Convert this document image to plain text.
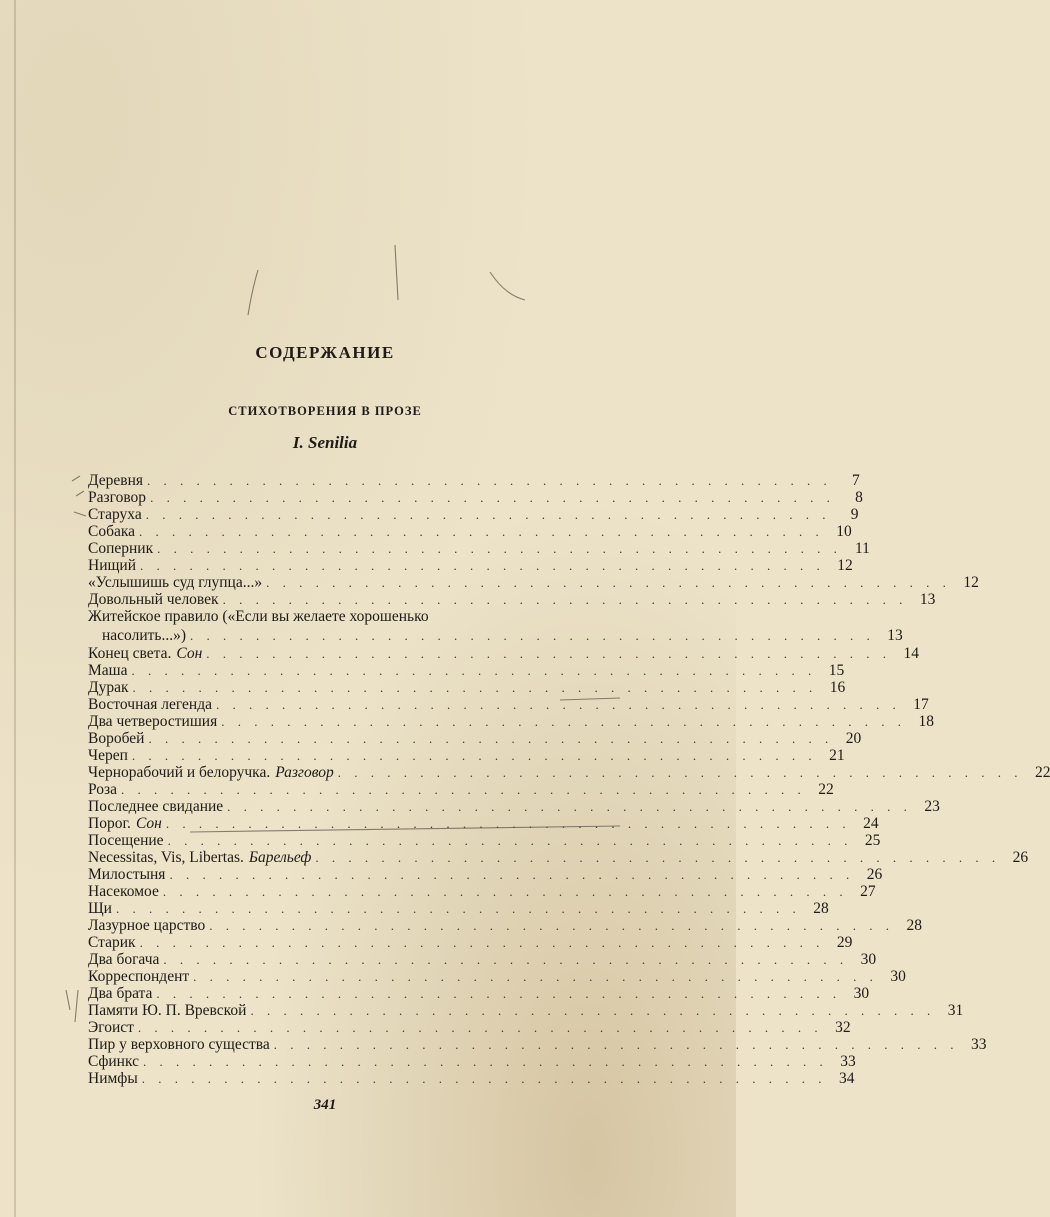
СОДЕРЖАНИЕ
СТИХОТВОРЕНИЯ В ПРОЗЕ
I. Senilia
Деревня . . . . . . . . . . . . . . . . . . . . . . . . . . . . . . . . . . . . . . . . . .	7
Разговор . . . . . . . . . . . . . . . . . . . . . . . . . . . . . . . . . . . . . . . . . .	8
Старуха . . . . . . . . . . . . . . . . . . . . . . . . . . . . . . . . . . . . . . . . . .	9
Собака . . . . . . . . . . . . . . . . . . . . . . . . . . . . . . . . . . . . . . . . . . 10
Соперник . . . . . . . . . . . . . . . . . . . . . . . . . . . . . . . . . . . . . . . . . . 11
Нищий . . . . . . . . . . . . . . . . . . . . . . . . . . . . . . . . . . . . . . . . . . 12
«Услышишь суд глупца...» . . . . . . . . . . . . . . . . . . . . . . . . . . . . . . . . . . . . . . . . . . 12
Довольный человек . . . . . . . . . . . . . . . . . . . . . . . . . . . . . . . . . . . . . . . . . . 13
Житейское правило («Если вы желаете хорошенько
насолить...») . . . . . . . . . . . . . . . . . . . . . . . . . . . . . . . . . . . . . . . . . . 13
Конец света. Сон . . . . . . . . . . . . . . . . . . . . . . . . . . . . . . . . . . . . . . . . . . 14
Маша . . . . . . . . . . . . . . . . . . . . . . . . . . . . . . . . . . . . . . . . . . 15
Дурак . . . . . . . . . . . . . . . . . . . . . . . . . . . . . . . . . . . . . . . . . . 16
Восточная легенда . . . . . . . . . . . . . . . . . . . . . . . . . . . . . . . . . . . . . . . . . . 17
Два четверостишия . . . . . . . . . . . . . . . . . . . . . . . . . . . . . . . . . . . . . . . . . . 18
Воробей . . . . . . . . . . . . . . . . . . . . . . . . . . . . . . . . . . . . . . . . . . 20
Череп . . . . . . . . . . . . . . . . . . . . . . . . . . . . . . . . . . . . . . . . . . 21
Чернорабочий и белоручка. Разговор . . . . . . . . . . . . . . . . . . . . . . . . . . . . . . . . . . . . . . . . . . 22
Роза . . . . . . . . . . . . . . . . . . . . . . . . . . . . . . . . . . . . . . . . . . 22
Последнее свидание . . . . . . . . . . . . . . . . . . . . . . . . . . . . . . . . . . . . . . . . . . 23
Порог. Сон . . . . . . . . . . . . . . . . . . . . . . . . . . . . . . . . . . . . . . . . . . 24
Посещение . . . . . . . . . . . . . . . . . . . . . . . . . . . . . . . . . . . . . . . . . . 25
Necessitas, Vis, Libertas. Барельеф . . . . . . . . . . . . . . . . . . . . . . . . . . . . . . . . . . . . . . . . . . 26
Милостыня . . . . . . . . . . . . . . . . . . . . . . . . . . . . . . . . . . . . . . . . . . 26
Насекомое . . . . . . . . . . . . . . . . . . . . . . . . . . . . . . . . . . . . . . . . . . 27
Щи . . . . . . . . . . . . . . . . . . . . . . . . . . . . . . . . . . . . . . . . . . 28
Лазурное царство . . . . . . . . . . . . . . . . . . . . . . . . . . . . . . . . . . . . . . . . . . 28
Старик . . . . . . . . . . . . . . . . . . . . . . . . . . . . . . . . . . . . . . . . . . 29
Два богача . . . . . . . . . . . . . . . . . . . . . . . . . . . . . . . . . . . . . . . . . . 30
Корреспондент . . . . . . . . . . . . . . . . . . . . . . . . . . . . . . . . . . . . . . . . . . 30
Два брата . . . . . . . . . . . . . . . . . . . . . . . . . . . . . . . . . . . . . . . . . . 30
Памяти Ю. П. Вревской . . . . . . . . . . . . . . . . . . . . . . . . . . . . . . . . . . . . . . . . . . 31
Эгоист . . . . . . . . . . . . . . . . . . . . . . . . . . . . . . . . . . . . . . . . . . 32
Пир у верховного существа . . . . . . . . . . . . . . . . . . . . . . . . . . . . . . . . . . . . . . . . . . 33
Сфинкс . . . . . . . . . . . . . . . . . . . . . . . . . . . . . . . . . . . . . . . . . . 33
Нимфы . . . . . . . . . . . . . . . . . . . . . . . . . . . . . . . . . . . . . . . . . . 34
341
